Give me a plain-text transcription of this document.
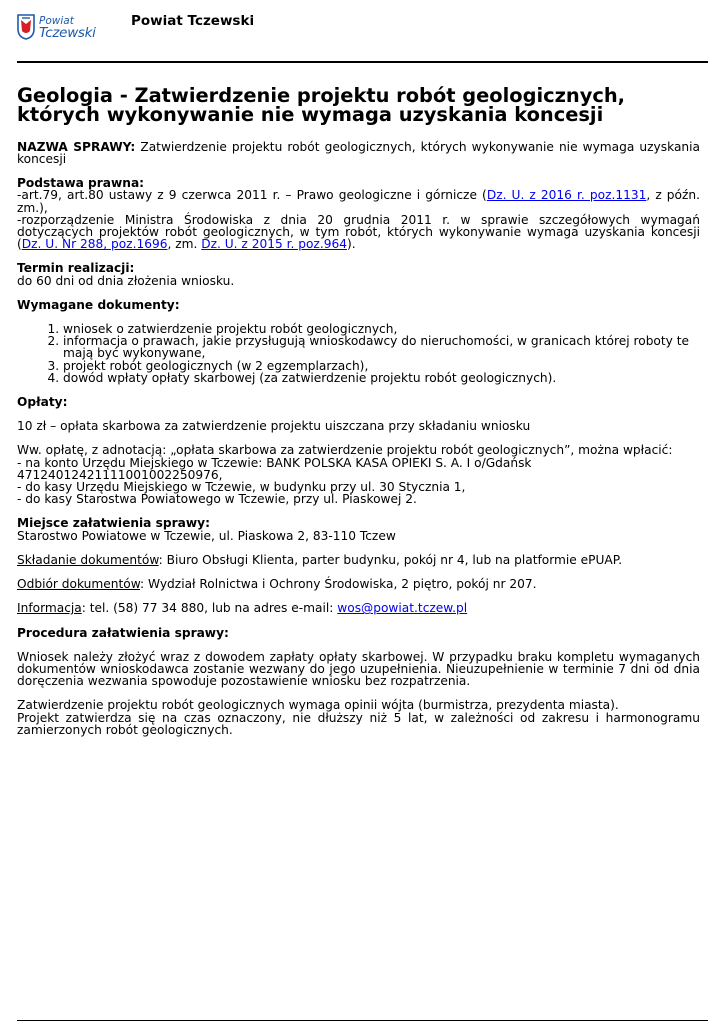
Powiat
Tczewski
Powiat Tczewski
Geologia - Zatwierdzenie projektu robót geologicznych, których wykonywanie nie wymaga uzyskania koncesji

NAZWA SPRAWY: Zatwierdzenie projektu robót geologicznych, których wykonywanie nie wymaga uzyskania koncesji

Podstawa prawna:

-art.79, art.80 ustawy z 9 czerwca 2011 r. – Prawo geologiczne i górnicze (Dz. U. z 2016 r. poz.1131, z późn. zm.),

-rozporządzenie Ministra Środowiska z dnia 20 grudnia 2011 r. w sprawie szczegółowych wymagań dotyczących projektów robót geologicznych, w tym robót, których wykonywanie wymaga uzyskania koncesji (Dz. U. Nr 288, poz.1696, zm. Dz. U. z 2015 r. poz.964).

Termin realizacji:

do 60 dni od dnia złożenia wniosku.

Wymagane dokumenty:

1. wniosek o zatwierdzenie projektu robót geologicznych,
2. informacja o prawach, jakie przysługują wnioskodawcy do nieruchomości, w granicach której roboty te mają być wykonywane,
3. projekt robót geologicznych (w 2 egzemplarzach),
4. dowód wpłaty opłaty skarbowej (za zatwierdzenie projektu robót geologicznych).

Opłaty:

10 zł – opłata skarbowa za zatwierdzenie projektu uiszczana przy składaniu wniosku

Ww. opłatę, z adnotacją: „opłata skarbowa za zatwierdzenie projektu robót geologicznych”, można wpłacić:

- na konto Urzędu Miejskiego w Tczewie: BANK POLSKA KASA OPIEKI S. A. I o/Gdańsk

47124012421111001002250976,

- do kasy Urzędu Miejskiego w Tczewie, w budynku przy ul. 30 Stycznia 1,

- do kasy Starostwa Powiatowego w Tczewie, przy ul. Piaskowej 2.

Miejsce załatwienia sprawy:

Starostwo Powiatowe w Tczewie, ul. Piaskowa 2, 83-110 Tczew

Składanie dokumentów: Biuro Obsługi Klienta, parter budynku, pokój nr 4, lub na platformie ePUAP.

Odbiór dokumentów: Wydział Rolnictwa i Ochrony Środowiska, 2 piętro, pokój nr 207.

Informacja: tel. (58) 77 34 880, lub na adres e-mail: wos@powiat.tczew.pl

Procedura załatwienia sprawy:

Wniosek należy złożyć wraz z dowodem zapłaty opłaty skarbowej. W przypadku braku kompletu wymaganych dokumentów wnioskodawca zostanie wezwany do jego uzupełnienia. Nieuzupełnienie w terminie 7 dni od dnia doręczenia wezwania spowoduje pozostawienie wniosku bez rozpatrzenia.

Zatwierdzenie projektu robót geologicznych wymaga opinii wójta (burmistrza, prezydenta miasta).

Projekt zatwierdza się na czas oznaczony, nie dłuższy niż 5 lat, w zależności od zakresu i harmonogramu zamierzonych robót geologicznych.
